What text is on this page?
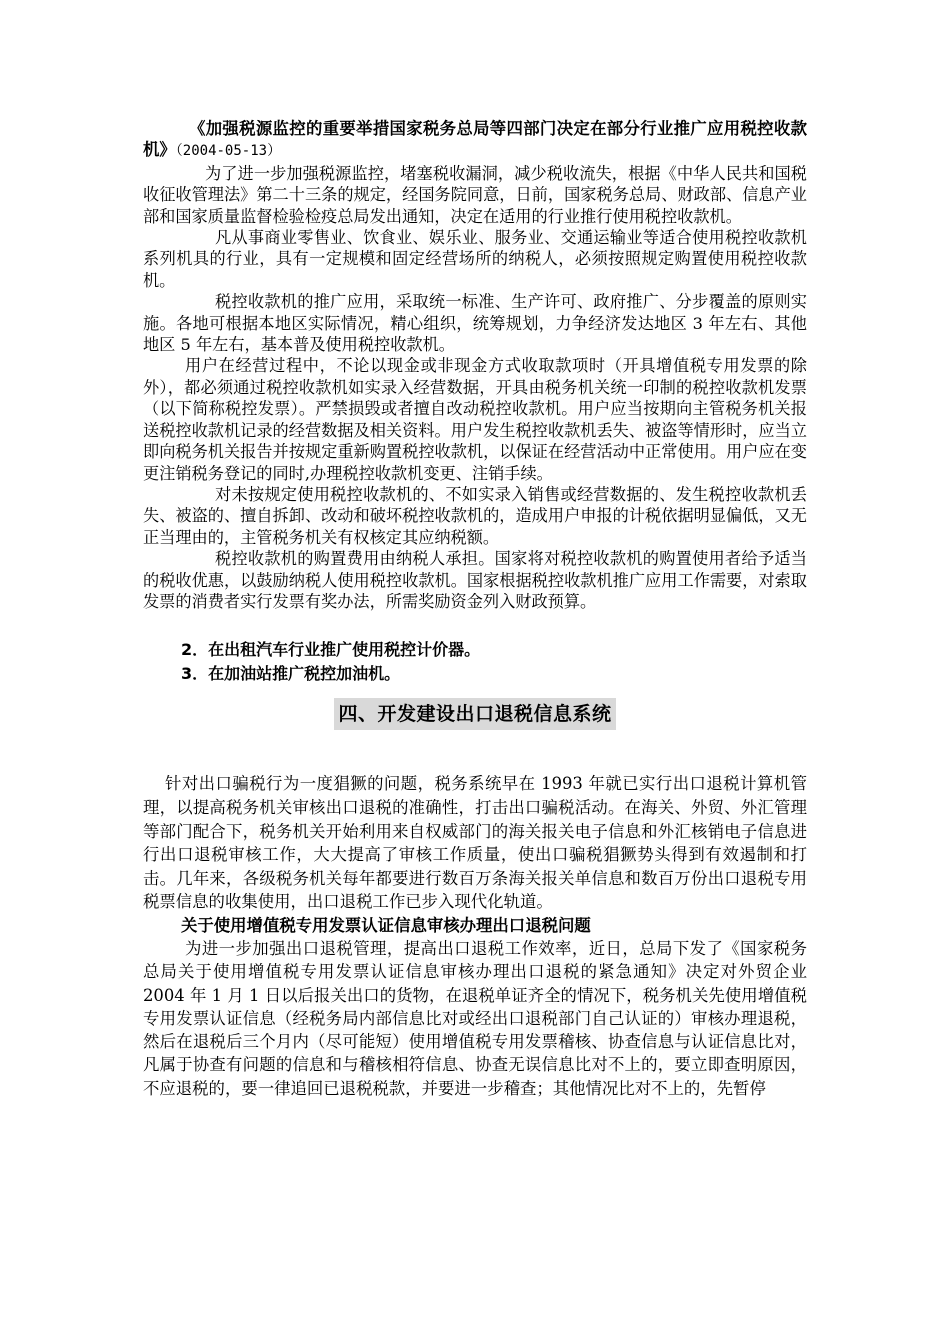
《加强税源监控的重要举措国家税务总局等四部门决定在部分行业推广应用税控收款机》（2004-05-13）

为了进一步加强税源监控，堵塞税收漏洞，减少税收流失，根据《中华人民共和国税收征收管理法》第二十三条的规定，经国务院同意，日前，国家税务总局、财政部、信息产业部和国家质量监督检验检疫总局发出通知，决定在适用的行业推行使用税控收款机。

凡从事商业零售业、饮食业、娱乐业、服务业、交通运输业等适合使用税控收款机系列机具的行业，具有一定规模和固定经营场所的纳税人，必须按照规定购置使用税控收款机。

税控收款机的推广应用，采取统一标准、生产许可、政府推广、分步覆盖的原则实施。各地可根据本地区实际情况，精心组织，统筹规划，力争经济发达地区 3 年左右、其他地区 5 年左右，基本普及使用税控收款机。

用户在经营过程中，不论以现金或非现金方式收取款项时（开具增值税专用发票的除外），都必须通过税控收款机如实录入经营数据，开具由税务机关统一印制的税控收款机发票（以下简称税控发票）。严禁损毁或者擅自改动税控收款机。用户应当按期向主管税务机关报送税控收款机记录的经营数据及相关资料。用户发生税控收款机丢失、被盗等情形时，应当立即向税务机关报告并按规定重新购置税控收款机，以保证在经营活动中正常使用。用户应在变更注销税务登记的同时,办理税控收款机变更、注销手续。

对未按规定使用税控收款机的、不如实录入销售或经营数据的、发生税控收款机丢失、被盗的、擅自拆卸、改动和破坏税控收款机的，造成用户申报的计税依据明显偏低，又无正当理由的，主管税务机关有权核定其应纳税额。

税控收款机的购置费用由纳税人承担。国家将对税控收款机的购置使用者给予适当的税收优惠，以鼓励纳税人使用税控收款机。国家根据税控收款机推广应用工作需要，对索取发票的消费者实行发票有奖办法，所需奖励资金列入财政预算。

2．在出租汽车行业推广使用税控计价器。

3．在加油站推广税控加油机。

四、开发建设出口退税信息系统

针对出口骗税行为一度猖獗的问题，税务系统早在 1993 年就已实行出口退税计算机管理，以提高税务机关审核出口退税的准确性，打击出口骗税活动。在海关、外贸、外汇管理等部门配合下，税务机关开始利用来自权威部门的海关报关电子信息和外汇核销电子信息进行出口退税审核工作，大大提高了审核工作质量，使出口骗税猖獗势头得到有效遏制和打击。几年来，各级税务机关每年都要进行数百万条海关报关单信息和数百万份出口退税专用税票信息的收集使用，出口退税工作已步入现代化轨道。

关于使用增值税专用发票认证信息审核办理出口退税问题

为进一步加强出口退税管理，提高出口退税工作效率，近日，总局下发了《国家税务总局关于使用增值税专用发票认证信息审核办理出口退税的紧急通知》决定对外贸企业 2004 年 1 月 1 日以后报关出口的货物，在退税单证齐全的情况下，税务机关先使用增值税专用发票认证信息（经税务局内部信息比对或经出口退税部门自己认证的）审核办理退税，然后在退税后三个月内（尽可能短）使用增值税专用发票稽核、协查信息与认证信息比对，凡属于协查有问题的信息和与稽核相符信息、协查无误信息比对不上的，要立即查明原因，不应退税的，要一律追回已退税税款，并要进一步稽查；其他情况比对不上的，先暂停
